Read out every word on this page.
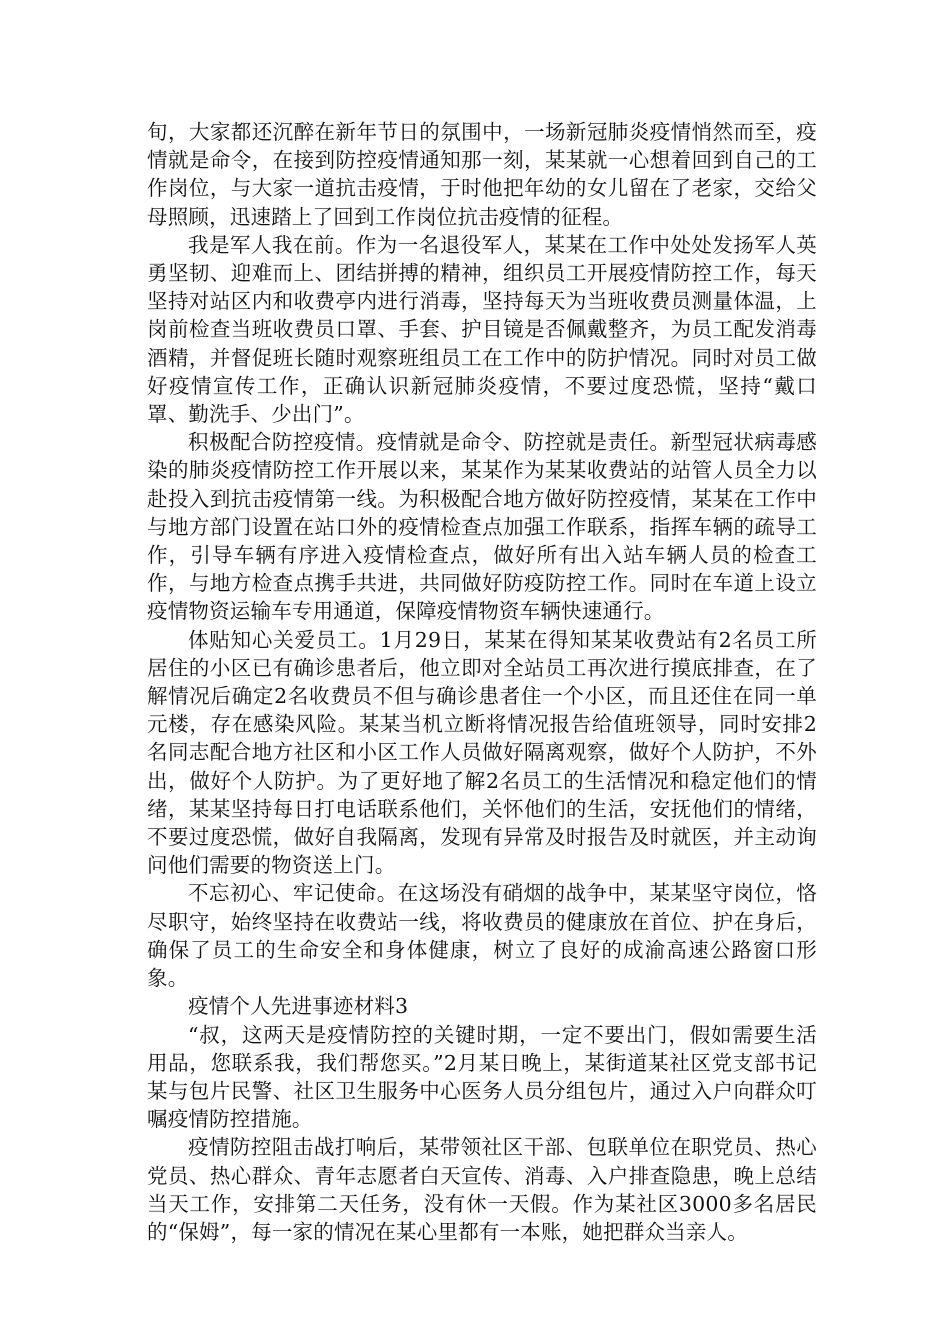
旬，大家都还沉醉在新年节日的氛围中，一场新冠肺炎疫情悄然而至，疫情就是命令，在接到防控疫情通知那一刻，某某就一心想着回到自己的工作岗位，与大家一道抗击疫情，于时他把年幼的女儿留在了老家，交给父母照顾，迅速踏上了回到工作岗位抗击疫情的征程。

我是军人我在前。作为一名退役军人，某某在工作中处处发扬军人英勇坚韧、迎难而上、团结拼搏的精神，组织员工开展疫情防控工作，每天坚持对站区内和收费亭内进行消毒，坚持每天为当班收费员测量体温，上岗前检查当班收费员口罩、手套、护目镜是否佩戴整齐，为员工配发消毒酒精，并督促班长随时观察班组员工在工作中的防护情况。同时对员工做好疫情宣传工作，正确认识新冠肺炎疫情，不要过度恐慌，坚持“戴口罩、勤洗手、少出门”。

积极配合防控疫情。疫情就是命令、防控就是责任。新型冠状病毒感染的肺炎疫情防控工作开展以来，某某作为某某收费站的站管人员全力以赴投入到抗击疫情第一线。为积极配合地方做好防控疫情，某某在工作中与地方部门设置在站口外的疫情检查点加强工作联系，指挥车辆的疏导工作，引导车辆有序进入疫情检查点，做好所有出入站车辆人员的检查工作，与地方检查点携手共进，共同做好防疫防控工作。同时在车道上设立疫情物资运输车专用通道，保障疫情物资车辆快速通行。

体贴知心关爱员工。1月29日，某某在得知某某收费站有2名员工所居住的小区已有确诊患者后，他立即对全站员工再次进行摸底排查，在了解情况后确定2名收费员不但与确诊患者住一个小区，而且还住在同一单元楼，存在感染风险。某某当机立断将情况报告给值班领导，同时安排2名同志配合地方社区和小区工作人员做好隔离观察，做好个人防护，不外出，做好个人防护。为了更好地了解2名员工的生活情况和稳定他们的情绪，某某坚持每日打电话联系他们，关怀他们的生活，安抚他们的情绪，不要过度恐慌，做好自我隔离，发现有异常及时报告及时就医，并主动询问他们需要的物资送上门。

不忘初心、牢记使命。在这场没有硝烟的战争中，某某坚守岗位，恪尽职守，始终坚持在收费站一线，将收费员的健康放在首位、护在身后，确保了员工的生命安全和身体健康，树立了良好的成渝高速公路窗口形象。

疫情个人先进事迹材料3

“叔，这两天是疫情防控的关键时期，一定不要出门，假如需要生活用品，您联系我，我们帮您买。”2月某日晚上，某街道某社区党支部书记某与包片民警、社区卫生服务中心医务人员分组包片，通过入户向群众叮嘱疫情防控措施。

疫情防控阻击战打响后，某带领社区干部、包联单位在职党员、热心党员、热心群众、青年志愿者白天宣传、消毒、入户排查隐患，晚上总结当天工作，安排第二天任务，没有休一天假。作为某社区3000多名居民的“保姆”，每一家的情况在某心里都有一本账，她把群众当亲人。
